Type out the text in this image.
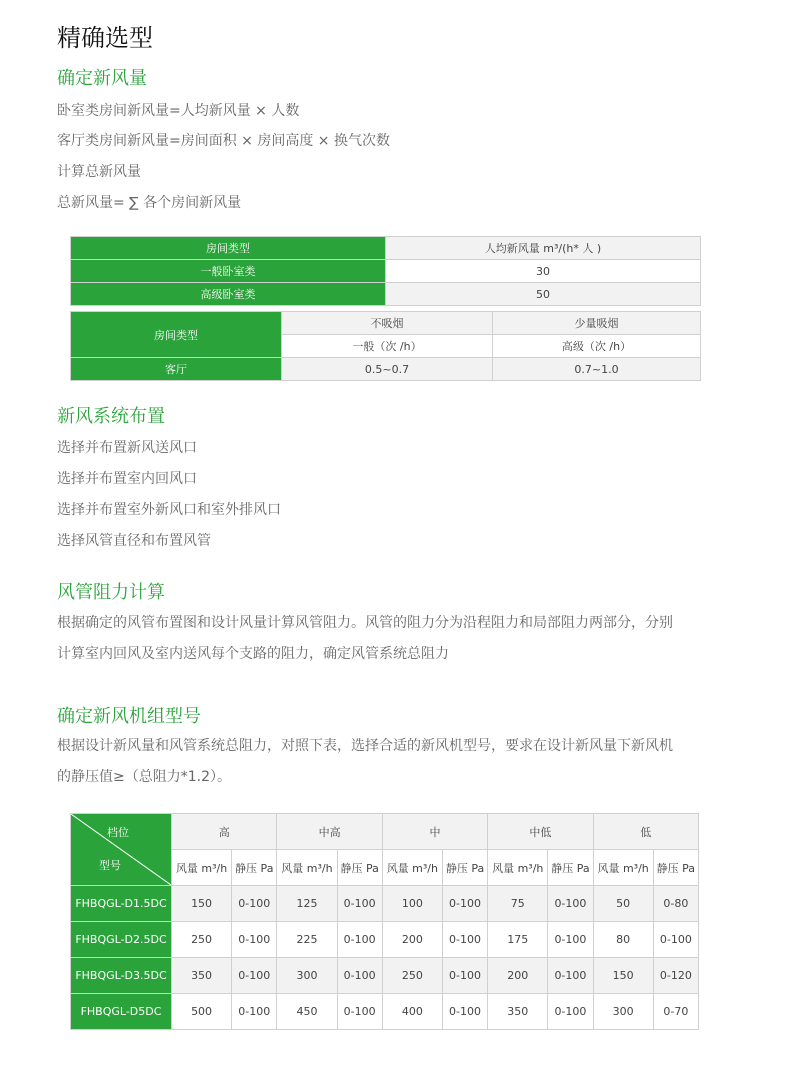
精确选型
确定新风量
卧室类房间新风量=人均新风量 × 人数
客厅类房间新风量=房间面积 × 房间高度 × 换气次数
计算总新风量
总新风量= ∑ 各个房间新风量
房间类型	人均新风量 m³/(h* 人 )
一般卧室类	30
高级卧室类	50
房间类型	不吸烟	少量吸烟
	一般（次 /h）	高级（次 /h）
客厅	0.5~0.7	0.7~1.0
新风系统布置
选择并布置新风送风口
选择并布置室内回风口
选择并布置室外新风口和室外排风口
选择风管直径和布置风管
风管阻力计算
根据确定的风管布置图和设计风量计算风管阻力。风管的阻力分为沿程阻力和局部阻力两部分，分别
计算室内回风及室内送风每个支路的阻力，确定风管系统总阻力
确定新风机组型号
根据设计新风量和风管系统总阻力，对照下表，选择合适的新风机型号，要求在设计新风量下新风机
的静压值≥（总阻力*1.2）。
档位
型号	高		中高		中		中低		低	
	风量 m³/h	静压 Pa	风量 m³/h	静压 Pa	风量 m³/h	静压 Pa	风量 m³/h	静压 Pa	风量 m³/h	静压 Pa
FHBQGL-D1.5DC	150	0-100	125	0-100	100	0-100	75	0-100	50	0-80
FHBQGL-D2.5DC	250	0-100	225	0-100	200	0-100	175	0-100	80	0-100
FHBQGL-D3.5DC	350	0-100	300	0-100	250	0-100	200	0-100	150	0-120
FHBQGL-D5DC	500	0-100	450	0-100	400	0-100	350	0-100	300	0-70
